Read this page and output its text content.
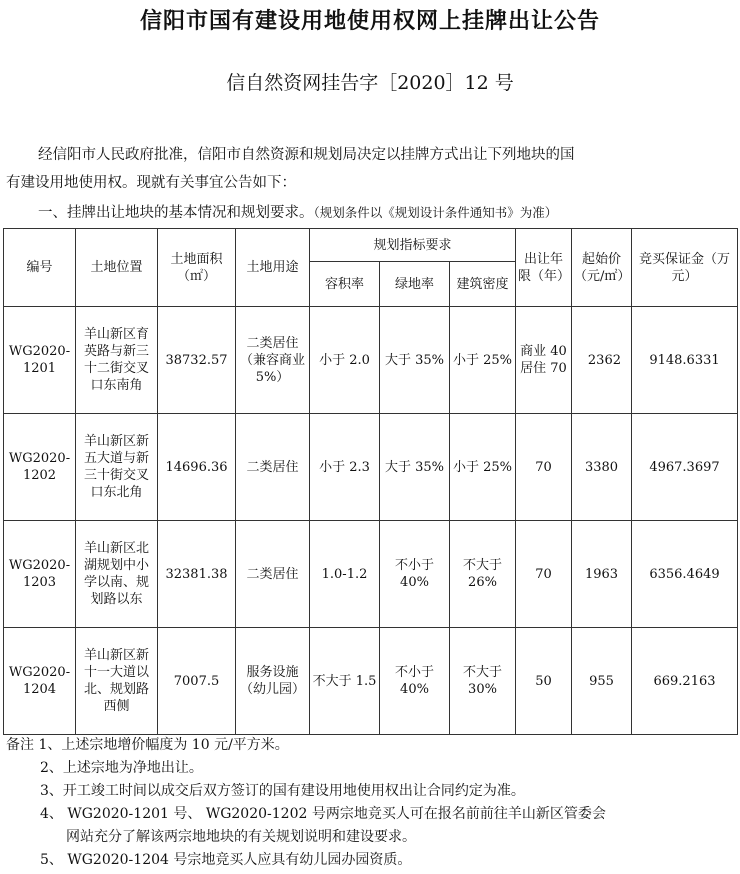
信阳市国有建设用地使用权网上挂牌出让公告
信自然资网挂告字［2020］12 号
经信阳市人民政府批准，信阳市自然资源和规划局决定以挂牌方式出让下列地块的国
有建设用地使用权。现就有关事宜公告如下：
一、挂牌出让地块的基本情况和规划要求。（规划条件以《规划设计条件通知书》为准）
编号	土地位置	土地面积（㎡）	土地用途	规划指标要求			出让年限（年）	起始价（元/㎡）	竞买保证金（万元）
				容积率	绿地率	建筑密度			
WG2020-1201	羊山新区育英路与新三十二街交叉口东南角	38732.57	二类居住（兼容商业5%）	小于 2.0	大于 35%	小于 25%	商业 40 居住 70	2362	9148.6331
WG2020-1202	羊山新区新五大道与新三十街交叉口东北角	14696.36	二类居住	小于 2.3	大于 35%	小于 25%	70	3380	4967.3697
WG2020-1203	羊山新区北湖规划中小学以南、规划路以东	32381.38	二类居住	1.0-1.2	不小于 40%	不大于 26%	70	1963	6356.4649
WG2020-1204	羊山新区新十一大道以北、规划路西侧	7007.5	服务设施（幼儿园）	不大于 1.5	不小于 40%	不大于 30%	50	955	669.2163
备注 1、上述宗地增价幅度为 10 元/平方米。
2、上述宗地为净地出让。
3、开工竣工时间以成交后双方签订的国有建设用地使用权出让合同约定为准。
4、 WG2020-1201 号、 WG2020-1202 号两宗地竞买人可在报名前前往羊山新区管委会
网站充分了解该两宗地地块的有关规划说明和建设要求。
5、 WG2020-1204 号宗地竞买人应具有幼儿园办园资质。
